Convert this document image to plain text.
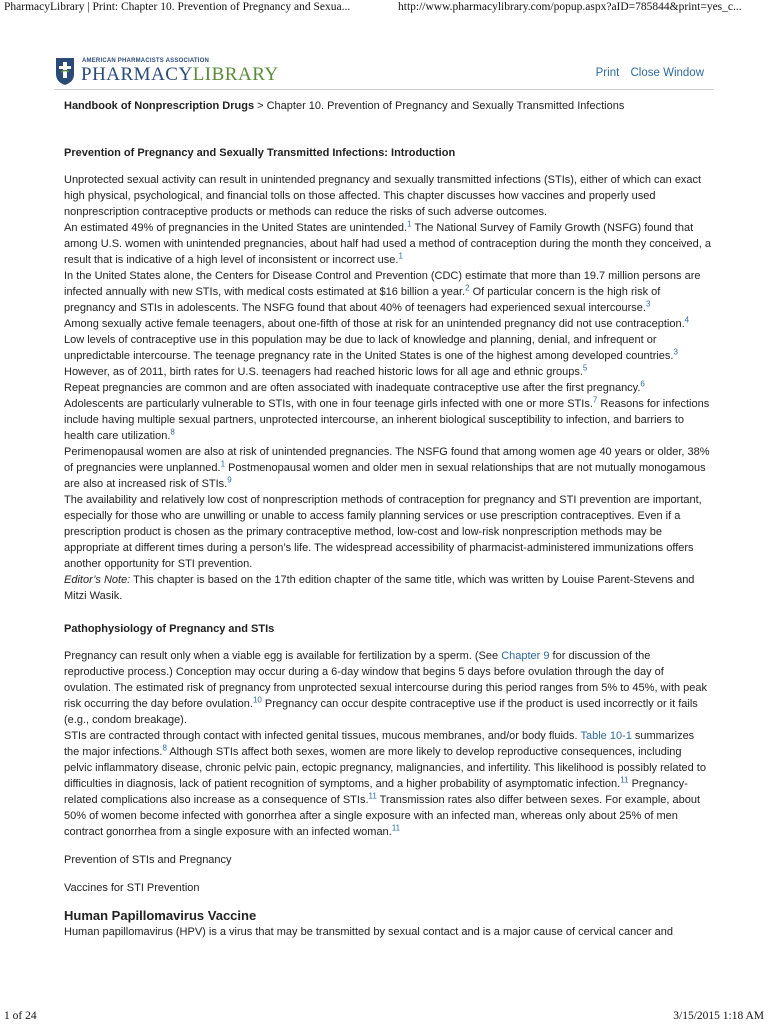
PharmacyLibrary | Print: Chapter 10. Prevention of Pregnancy and Sexua...	http://www.pharmacylibrary.com/popup.aspx?aID=785844&print=yes_c...
AMERICAN PHARMACISTS ASSOCIATION
PHARMACYLIBRARY	Print Close Window
Handbook of Nonprescription Drugs > Chapter 10. Prevention of Pregnancy and Sexually Transmitted Infections
Prevention of Pregnancy and Sexually Transmitted Infections: Introduction

Unprotected sexual activity can result in unintended pregnancy and sexually transmitted infections (STIs), either of which can exact high physical, psychological, and financial tolls on those affected. This chapter discusses how vaccines and properly used nonprescription contraceptive products or methods can reduce the risks of such adverse outcomes.

An estimated 49% of pregnancies in the United States are unintended.$^1$ The National Survey of Family Growth (NSFG) found that among U.S. women with unintended pregnancies, about half had used a method of contraception during the month they conceived, a result that is indicative of a high level of inconsistent or incorrect use.$^1$

In the United States alone, the Centers for Disease Control and Prevention (CDC) estimate that more than 19.7 million persons are infected annually with new STIs, with medical costs estimated at $16 billion a year.$^2$ Of particular concern is the high risk of pregnancy and STIs in adolescents. The NSFG found that about 40% of teenagers had experienced sexual intercourse.$^3$

Among sexually active female teenagers, about one-fifth of those at risk for an unintended pregnancy did not use contraception.$^4$ Low levels of contraceptive use in this population may be due to lack of knowledge and planning, denial, and infrequent or unpredictable intercourse. The teenage pregnancy rate in the United States is one of the highest among developed countries.$^3$ However, as of 2011, birth rates for U.S. teenagers had reached historic lows for all age and ethnic groups.$^5$

Repeat pregnancies are common and are often associated with inadequate contraceptive use after the first pregnancy.$^6$

Adolescents are particularly vulnerable to STIs, with one in four teenage girls infected with one or more STIs.$^7$ Reasons for infections include having multiple sexual partners, unprotected intercourse, an inherent biological susceptibility to infection, and barriers to health care utilization.$^8$

Perimenopausal women are also at risk of unintended pregnancies. The NSFG found that among women age 40 years or older, 38% of pregnancies were unplanned.$^1$ Postmenopausal women and older men in sexual relationships that are not mutually monogamous are also at increased risk of STIs.$^9$

The availability and relatively low cost of nonprescription methods of contraception for pregnancy and STI prevention are important, especially for those who are unwilling or unable to access family planning services or use prescription contraceptives. Even if a prescription product is chosen as the primary contraceptive method, low-cost and low-risk nonprescription methods may be appropriate at different times during a person’s life. The widespread accessibility of pharmacist-administered immunizations offers another opportunity for STI prevention.

Editor’s Note: This chapter is based on the 17th edition chapter of the same title, which was written by Louise Parent-Stevens and Mitzi Wasik.

Pathophysiology of Pregnancy and STIs

Pregnancy can result only when a viable egg is available for fertilization by a sperm. (See Chapter 9 for discussion of the reproductive process.) Conception may occur during a 6-day window that begins 5 days before ovulation through the day of ovulation. The estimated risk of pregnancy from unprotected sexual intercourse during this period ranges from 5% to 45%, with peak risk occurring the day before ovulation.$^{10}$ Pregnancy can occur despite contraceptive use if the product is used incorrectly or it fails (e.g., condom breakage).

STIs are contracted through contact with infected genital tissues, mucous membranes, and/or body fluids. Table 10-1 summarizes the major infections.$^8$ Although STIs affect both sexes, women are more likely to develop reproductive consequences, including pelvic inflammatory disease, chronic pelvic pain, ectopic pregnancy, malignancies, and infertility. This likelihood is possibly related to difficulties in diagnosis, lack of patient recognition of symptoms, and a higher probability of asymptomatic infection.$^{11}$ Pregnancy-related complications also increase as a consequence of STIs.$^{11}$ Transmission rates also differ between sexes. For example, about 50% of women become infected with gonorrhea after a single exposure with an infected man, whereas only about 25% of men contract gonorrhea from a single exposure with an infected woman.$^{11}$

Prevention of STIs and Pregnancy

Vaccines for STI Prevention

Human Papillomavirus Vaccine

Human papillomavirus (HPV) is a virus that may be transmitted by sexual contact and is a major cause of cervical cancer and

1 of 24	3/15/2015 1:18 AM
